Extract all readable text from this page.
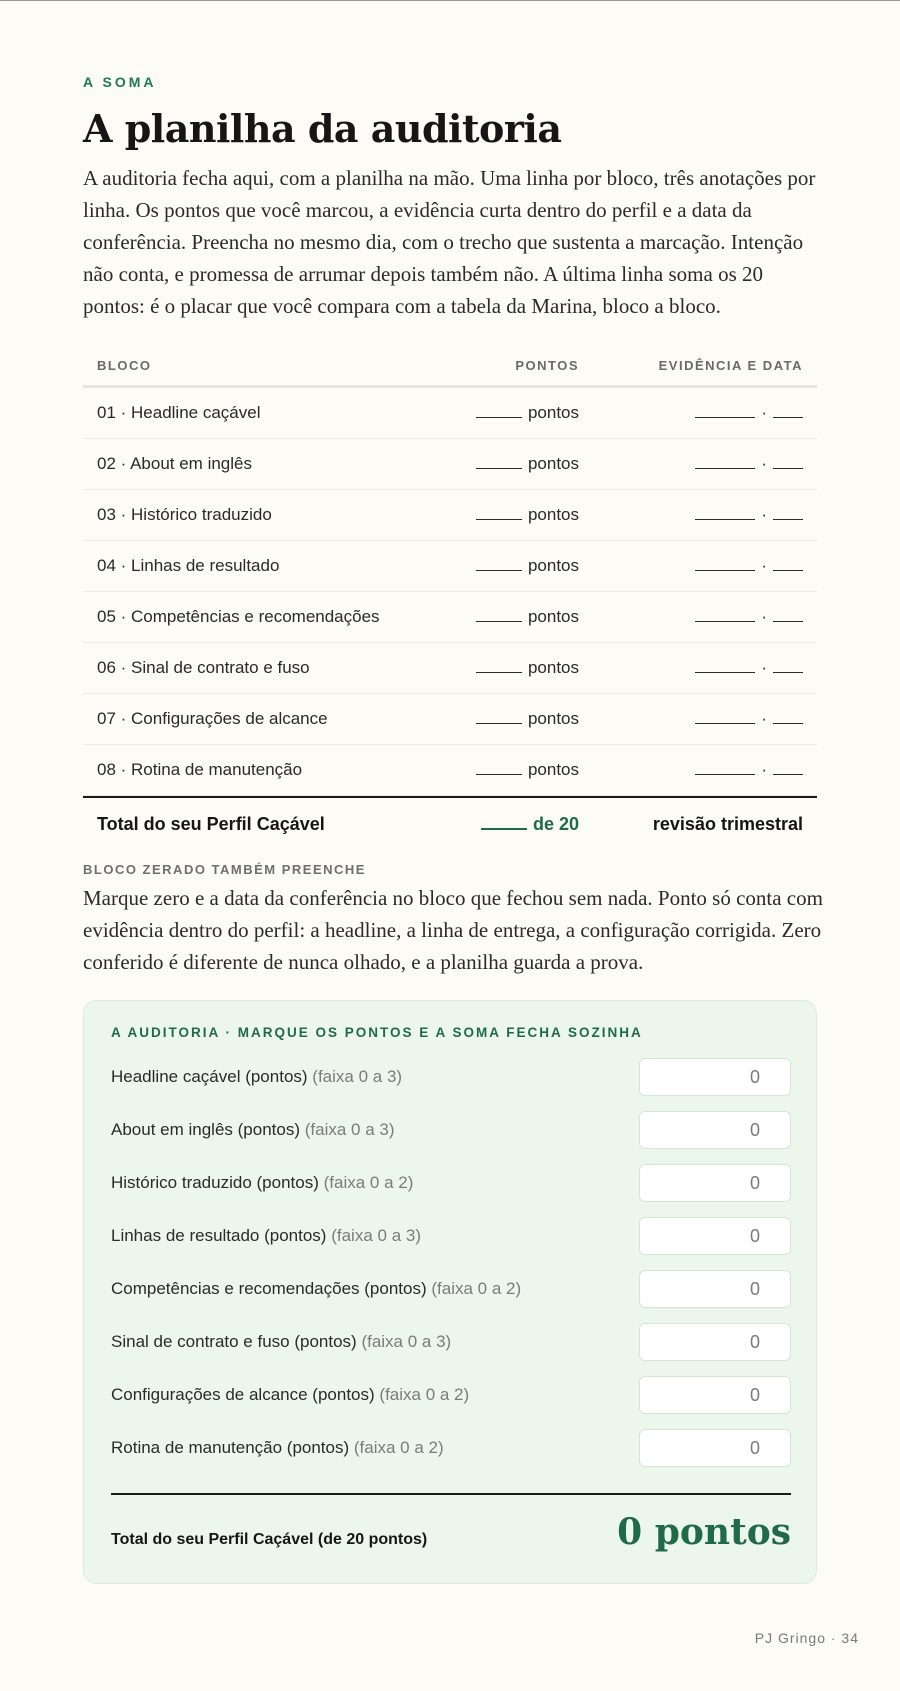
A SOMA
A planilha da auditoria

A auditoria fecha aqui, com a planilha na mão. Uma linha por bloco, três anotações por linha. Os pontos que você marcou, a evidência curta dentro do perfil e a data da conferência. Preencha no mesmo dia, com o trecho que sustenta a marcação. Intenção não conta, e promessa de arrumar depois também não. A última linha soma os 20 pontos: é o placar que você compara com a tabela da Marina, bloco a bloco.

BLOCO	PONTOS	EVIDÊNCIA E DATA
01 · Headline caçável	pontos	·
02 · About em inglês	pontos	·
03 · Histórico traduzido	pontos	·
04 · Linhas de resultado	pontos	·
05 · Competências e recomendações	pontos	·
06 · Sinal de contrato e fuso	pontos	·
07 · Configurações de alcance	pontos	·
08 · Rotina de manutenção	pontos	·
Total do seu Perfil Caçável	de 20	revisão trimestral
BLOCO ZERADO TAMBÉM PREENCHE

Marque zero e a data da conferência no bloco que fechou sem nada. Ponto só conta com evidência dentro do perfil: a headline, a linha de entrega, a configuração corrigida. Zero conferido é diferente de nunca olhado, e a planilha guarda a prova.

A AUDITORIA · MARQUE OS PONTOS E A SOMA FECHA SOZINHA
Headline caçável (pontos) (faixa 0 a 3)	0
About em inglês (pontos) (faixa 0 a 3)	0
Histórico traduzido (pontos) (faixa 0 a 2)	0
Linhas de resultado (pontos) (faixa 0 a 3)	0
Competências e recomendações (pontos) (faixa 0 a 2)	0
Sinal de contrato e fuso (pontos) (faixa 0 a 3)	0
Configurações de alcance (pontos) (faixa 0 a 2)	0
Rotina de manutenção (pontos) (faixa 0 a 2)	0
Total do seu Perfil Caçável (de 20 pontos)	0 pontos
PJ Gringo · 34
